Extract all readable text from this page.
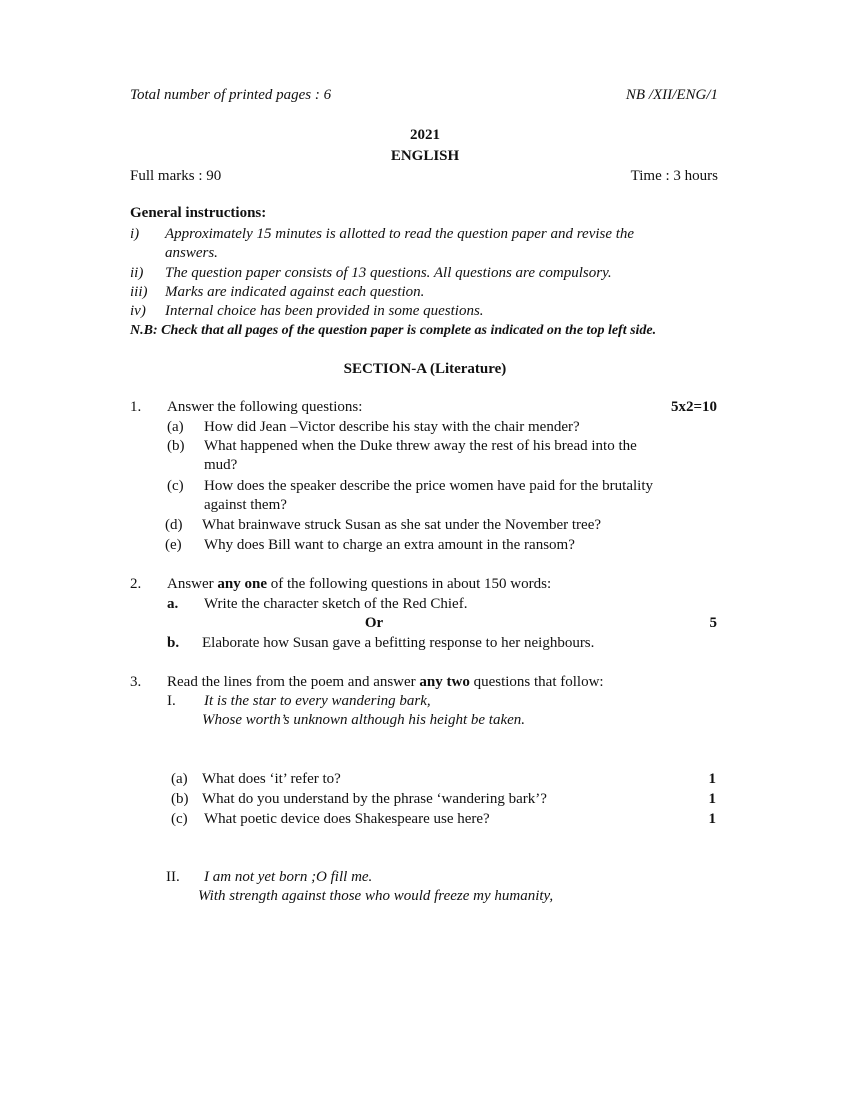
Total number of printed pages : 6	NB /XII/ENG/1
2021
ENGLISH
Full marks : 90	Time : 3 hours
General instructions:
i) Approximately 15 minutes is allotted to read the question paper and revise the
answers.
ii) The question paper consists of 13 questions. All questions are compulsory.
iii) Marks are indicated against each question.
iv) Internal choice has been provided in some questions.
N.B: Check that all pages of the question paper is complete as indicated on the top left side.
SECTION-A (Literature)
1. Answer the following questions:	5x2=10
(a) How did Jean –Victor describe his stay with the chair mender?
(b) What happened when the Duke threw away the rest of his bread into the
mud?
(c) How does the speaker describe the price women have paid for the brutality
against them?
(d) What brainwave struck Susan as she sat under the November tree?
(e) Why does Bill want to charge an extra amount in the ransom?
2. Answer any one of the following questions in about 150 words:
a. Write the character sketch of the Red Chief.
Or	5
b. Elaborate how Susan gave a befitting response to her neighbours.
3. Read the lines from the poem and answer any two questions that follow:
I. It is the star to every wandering bark,
Whose worth’s unknown although his height be taken.
(a) What does ‘it’ refer to?	1
(b) What do you understand by the phrase ‘wandering bark’?	1
(c) What poetic device does Shakespeare use here?	1
II. I am not yet born ;O fill me.
With strength against those who would freeze my humanity,
